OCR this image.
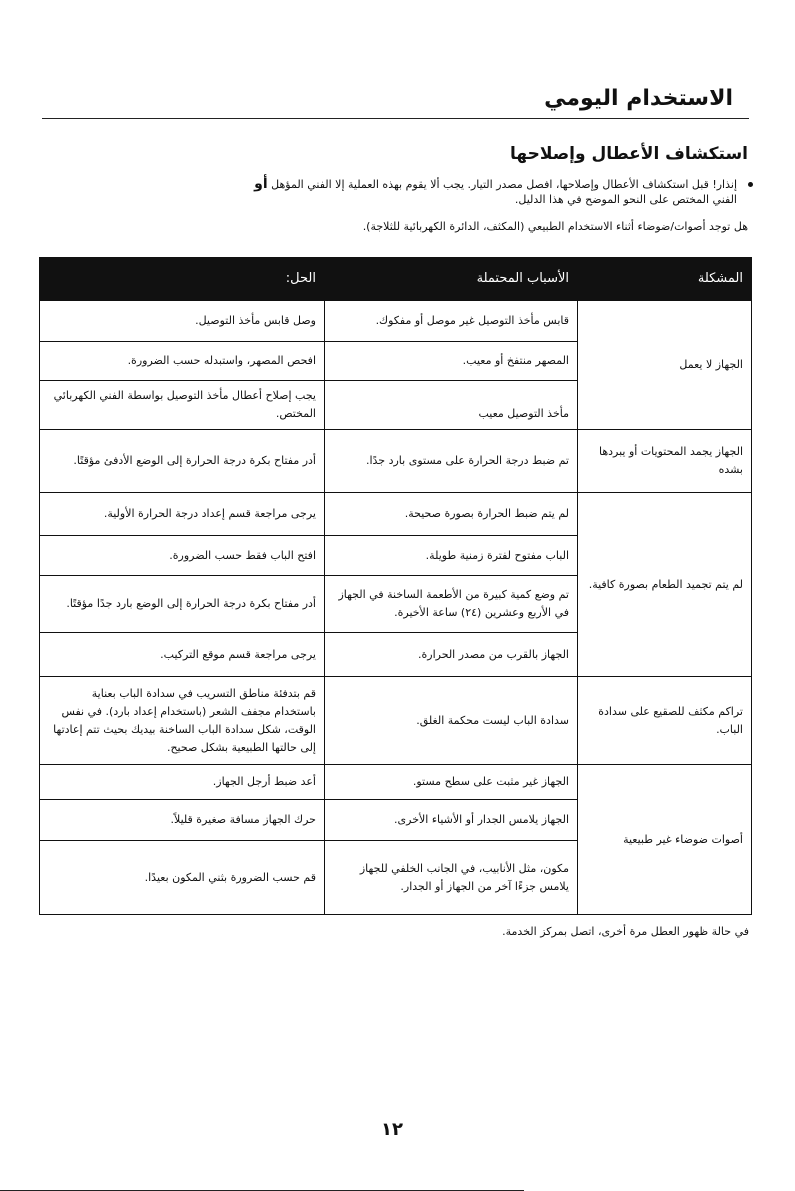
الاستخدام اليومي
استكشاف الأعطال وإصلاحها
إنذار! قبل استكشاف الأعطال وإصلاحها، افصل مصدر التيار. يجب ألا يقوم بهذه العملية إلا الفني المؤهل أو
الفني المختص على النحو الموضح في هذا الدليل.
هل توجد أصوات/ضوضاء أثناء الاستخدام الطبيعي (المكثف، الدائرة الكهربائية للثلاجة).
المشكلة	الأسباب المحتملة	الحل:
الجهاز لا يعمل	قابس مأخذ التوصيل غير موصل أو مفكوك.	وصل قابس مأخذ التوصيل.
	المصهر منتفخ أو معيب.	افحص المصهر، واستبدله حسب الضرورة.
	مأخذ التوصيل معيب	يجب إصلاح أعطال مأخذ التوصيل بواسطة الفني الكهربائي المختص.
الجهاز يجمد المحتويات أو يبردها بشده	تم ضبط درجة الحرارة على مستوى بارد جدًا.	أدر مفتاح بكرة درجة الحرارة إلى الوضع الأدفئ مؤقتًا.
لم يتم تجميد الطعام بصورة كافية.	لم يتم ضبط الحرارة بصورة صحيحة.	يرجى مراجعة قسم إعداد درجة الحرارة الأولية.
	الباب مفتوح لفترة زمنية طويلة.	افتح الباب فقط حسب الضرورة.
	تم وضع كمية كبيرة من الأطعمة الساخنة في الجهاز في الأربع وعشرين (٢٤) ساعة الأخيرة.	أدر مفتاح بكرة درجة الحرارة إلى الوضع بارد جدًا مؤقتًا.
	الجهاز بالقرب من مصدر الحرارة.	يرجى مراجعة قسم موقع التركيب.
تراكم مكثف للصقيع على سدادة الباب.	سدادة الباب ليست محكمة الغلق.	قم بتدفئة مناطق التسريب في سدادة الباب بعناية باستخدام مجفف الشعر (باستخدام إعداد بارد). في نفس الوقت، شكل سدادة الباب الساخنة بيديك بحيث تتم إعادتها إلى حالتها الطبيعية بشكل صحيح.
أصوات ضوضاء غير طبيعية	الجهاز غير مثبت على سطح مستو.	أعد ضبط أرجل الجهاز.
	الجهاز يلامس الجدار أو الأشياء الأخرى.	حرك الجهاز مسافة صغيرة قليلاً.
	مكون، مثل الأنابيب، في الجانب الخلفي للجهاز يلامس جزءًا آخر من الجهاز أو الجدار.	قم حسب الضرورة بثني المكون بعيدًا.
في حالة ظهور العطل مرة أخرى، اتصل بمركز الخدمة.
١٢
